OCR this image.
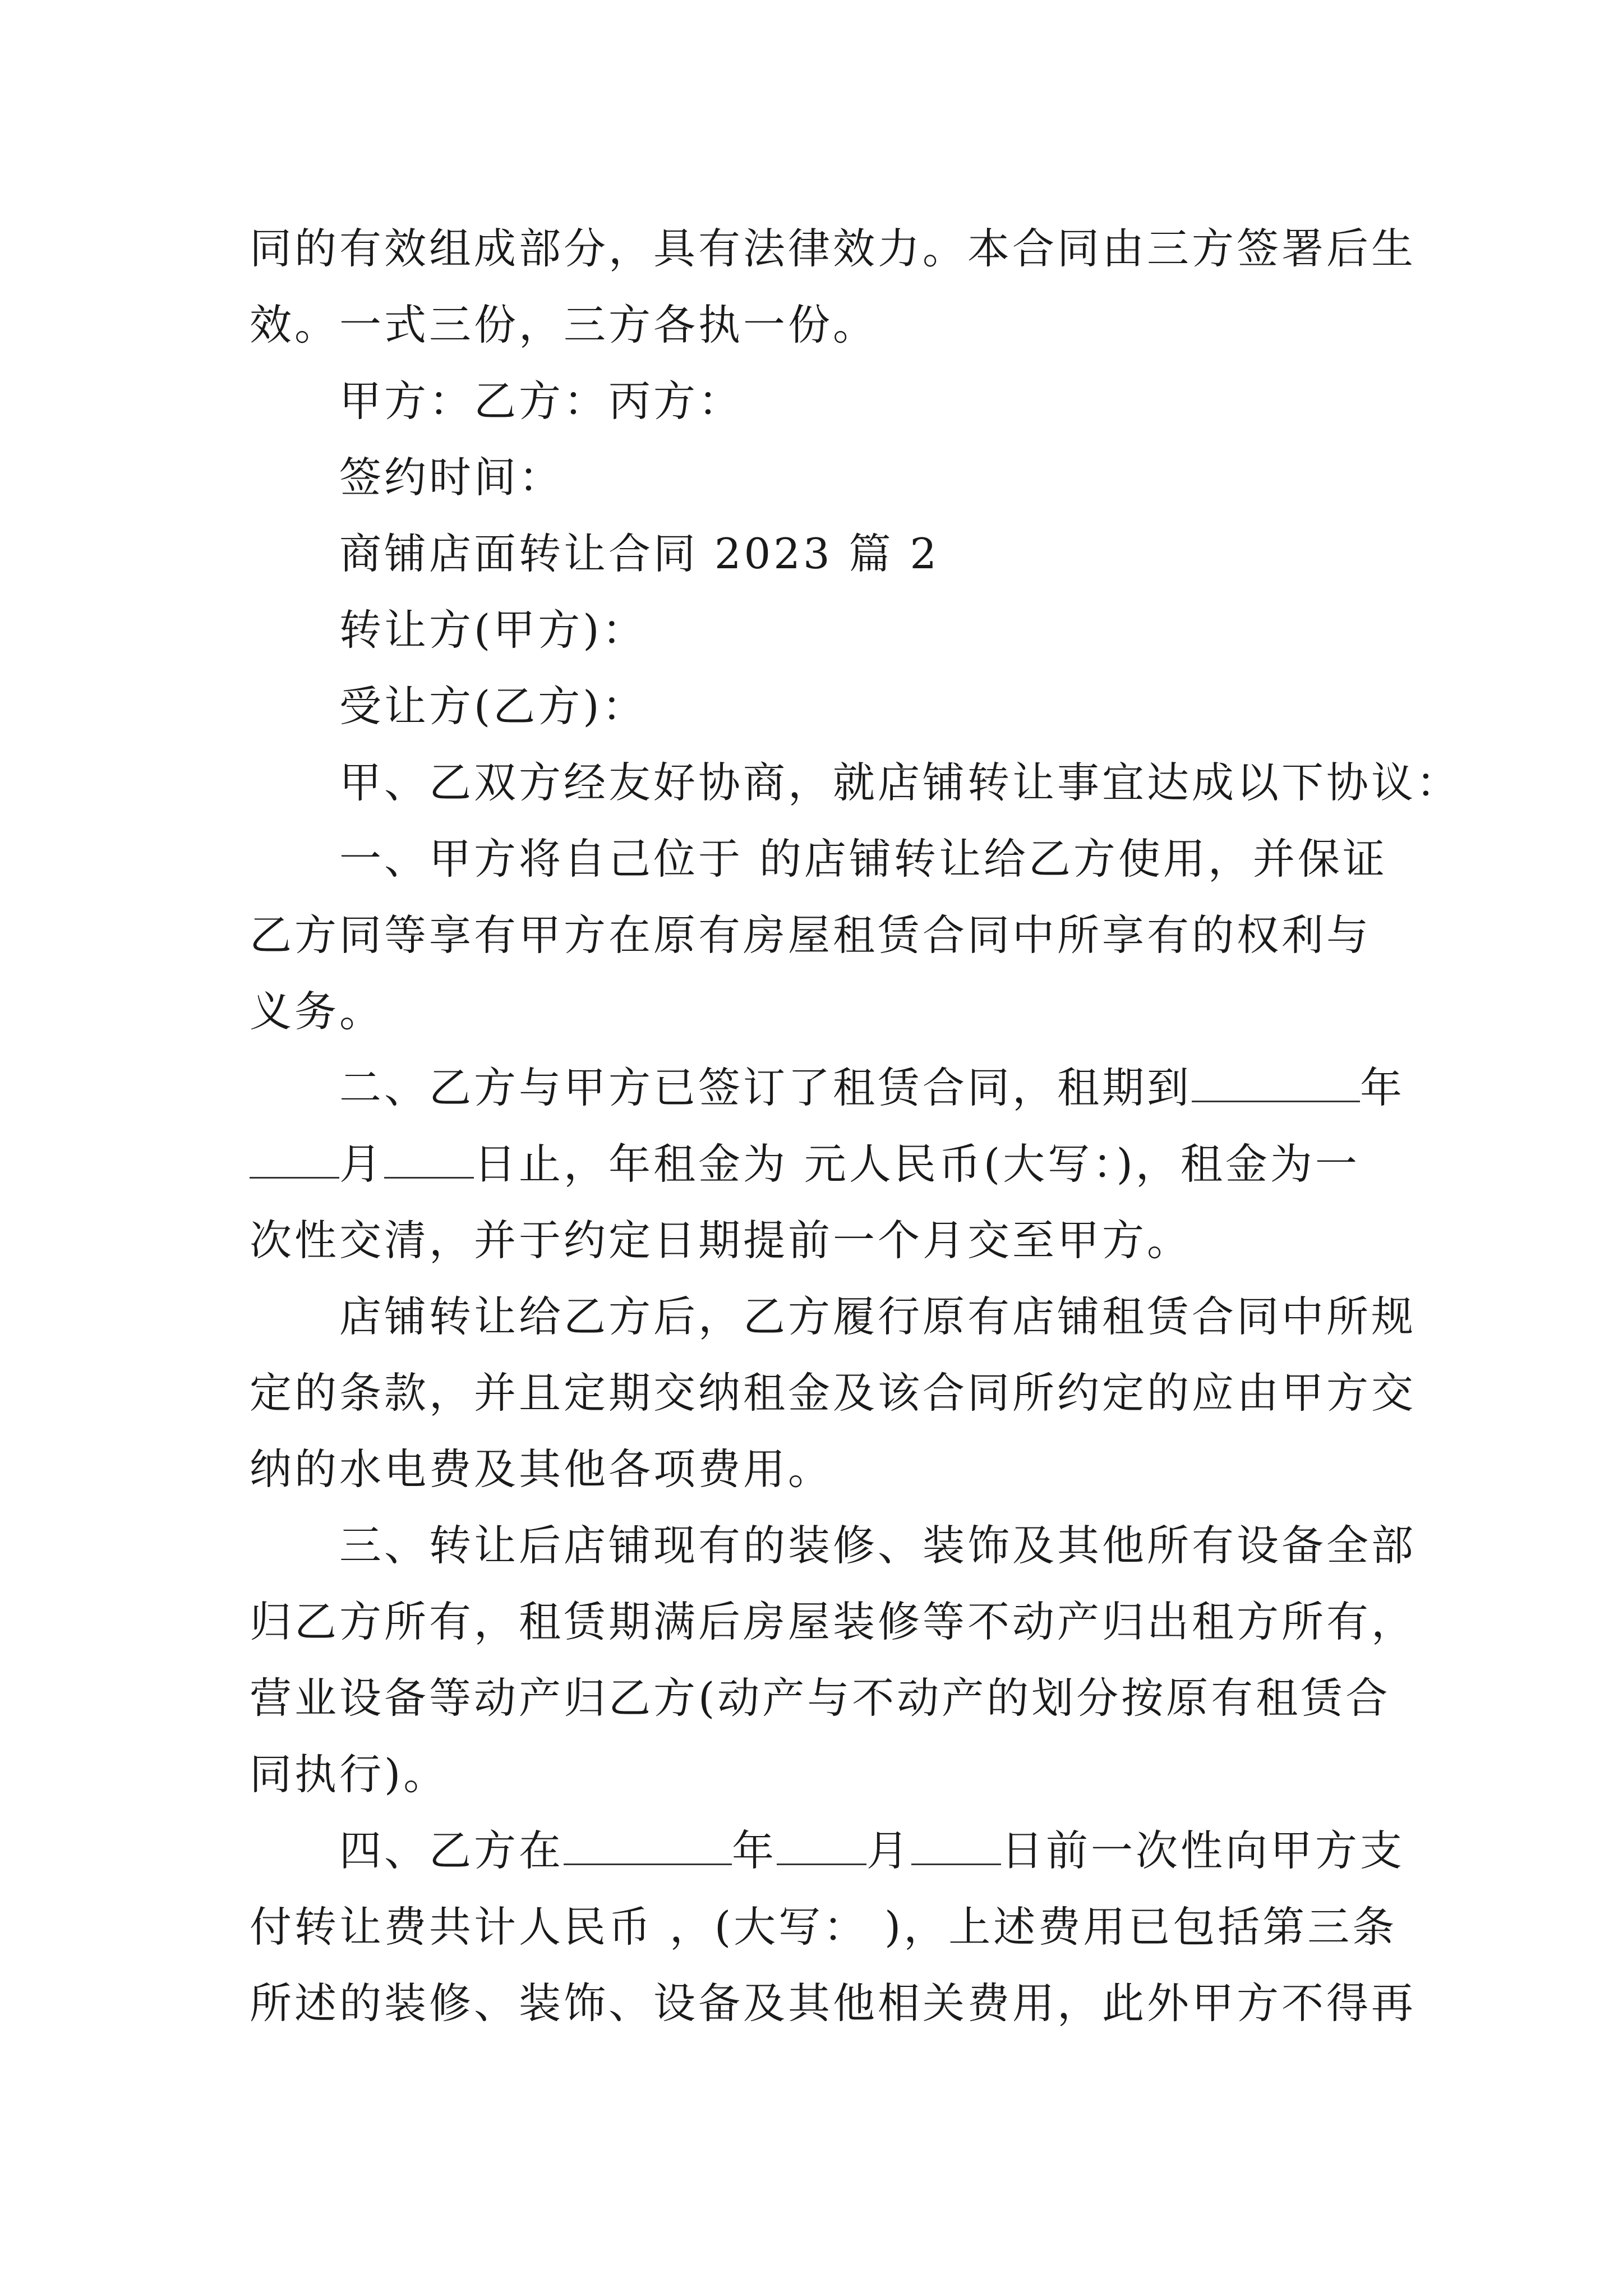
同的有效组成部分，具有法律效力。本合同由三方签署后生
效。一式三份，三方各执一份。
甲方：乙方：丙方：
签约时间：
商铺店面转让合同 2023 篇 2
转让方(甲方)：
受让方(乙方)：
甲、乙双方经友好协商，就店铺转让事宜达成以下协议：
一、甲方将自己位于 的店铺转让给乙方使用，并保证
乙方同等享有甲方在原有房屋租赁合同中所享有的权利与
义务。
二、乙方与甲方已签订了租赁合同，租期到	年
月 日止，年租金为 元人民币(大写：)，租金为一
次性交清，并于约定日期提前一个月交至甲方。
店铺转让给乙方后，乙方履行原有店铺租赁合同中所规
定的条款，并且定期交纳租金及该合同所约定的应由甲方交
纳的水电费及其他各项费用。
三、转让后店铺现有的装修、装饰及其他所有设备全部
归乙方所有，租赁期满后房屋装修等不动产归出租方所有，
营业设备等动产归乙方(动产与不动产的划分按原有租赁合
同执行)。
四、乙方在	年 月 日前一次性向甲方支
付转让费共计人民币 ，(大写： )，上述费用已包括第三条
所述的装修、装饰、设备及其他相关费用，此外甲方不得再
